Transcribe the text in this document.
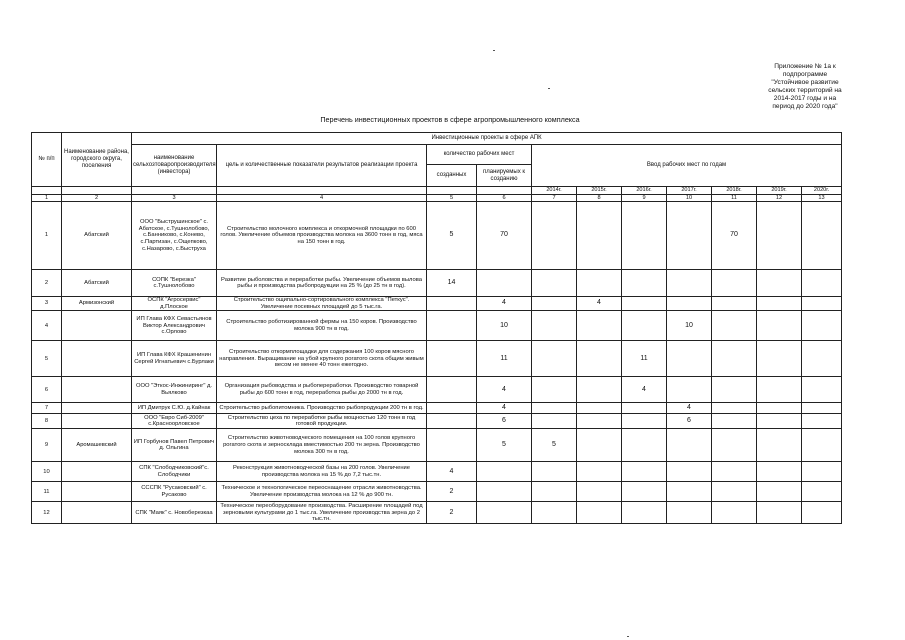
Приложение № 1а к
подпрограмме
"Устойчивое развитие
сельских территорий на
2014-2017 годы и на
период до 2020 года"
Перечень инвестиционных проектов в сфере агропромышленного комплекса
№ п/п	Наименование района, городского округа, поселения	Инвестиционные проекты в сфере АПК										
		наименование сельхозтоваропроизводителя (инвестора)	цель и количественные показатели результатов реализации проекта	количество рабочих мест		Ввод рабочих мест по годам						
				созданных	планируемых к созданию							
						2014г.	2015г.	2016г.	2017г.	2018г.	2019г.	2020г.
1	2	3	4	5	6	7	8	9	10	11	12	13
1	Абатский	ООО "Быструшинское" с. Абатское, с.Тушнолобово, с.Банниково, с.Конево, с.Партизан, с.Ощепково, с.Назарово, с.Быструха	Строительство молочного комплекса и откормочной площадки по 600 голов. Увеличение объемов производства молока на 3600 тонн в год, мяса на 150 тонн в год.	5	70					70		
2	Абатский	СОПК "Березка" с.Тушнолобово	Развитие рыболовства и переработки рыбы. Увеличение объемов вылова рыбы и производства рыбопродукции на 25 % (до 25 тн в год).	14								
3	Армизонский	ОСПК "Агросервис" д.Плоское	Строительство ощипально-сортировального комплекса "Петкус". Увеличение посевных площадей до 5 тыс.га.		4		4					
4		ИП Глава КФХ Севастьянов Виктор Александрович с.Орлово	Строительство роботизированной фермы на 150 коров. Производство молока 900 тн в год.		10				10			
5		ИП Глава КФХ Крашенинин Сергей Игнатьевич с.Бурлаки	Строительство откормплощадки для содержания 100 коров мясного направления. Выращивание на убой крупного рогатого скота общим живым весом не менее 40 тонн ежегодно.		11			11				
6		ООО "Эткос-Инжиниринг" д. Вьялково	Организация рыбоводства и рыбопереработки. Производство товарной рыбы до 600 тонн в год, переработка рыбы до 2000 тн в год.		4			4				
7		ИП Дмитрук С.Ю. д.Кайнак	Строительство рыбопитомника. Производство рыбопродукции 200 тн в год.		4				4			
8		ООО "Евро Сиб-2009" с.Красноорловское	Строительство цеха по переработке рыбы мощностью 120 тонн в год готовой продукции.		6				6			
9	Аромашевский	ИП Горбунов Павел Петрович д. Ольгина	Строительство животноводческого помещения на 100 голов крупного рогатого скота и зерносклада вместимостью 200 тн зерна. Производство молока 300 тн в год.		5	5						
10		СПК "Слободчиковский"с. Слободчики	Реконструкция животноводческой базы на 200 голов. Увеличение производства молока на 15 % до 7,2 тыс.тн.	4								
11		СССПК "Русаковский" с. Русаково	Техническое и технологическое переоснащение отрасли животноводства. Увеличение производства молока на 12 % до 900 тн.	2								
12		СПК "Маяк" с. Новоберезкаа	Техническое переоборудование производства. Расширение площадей под зерновыми культурами до 1 тыс.га. Увеличение производства зерна до 2 тыс.тн.	2								
